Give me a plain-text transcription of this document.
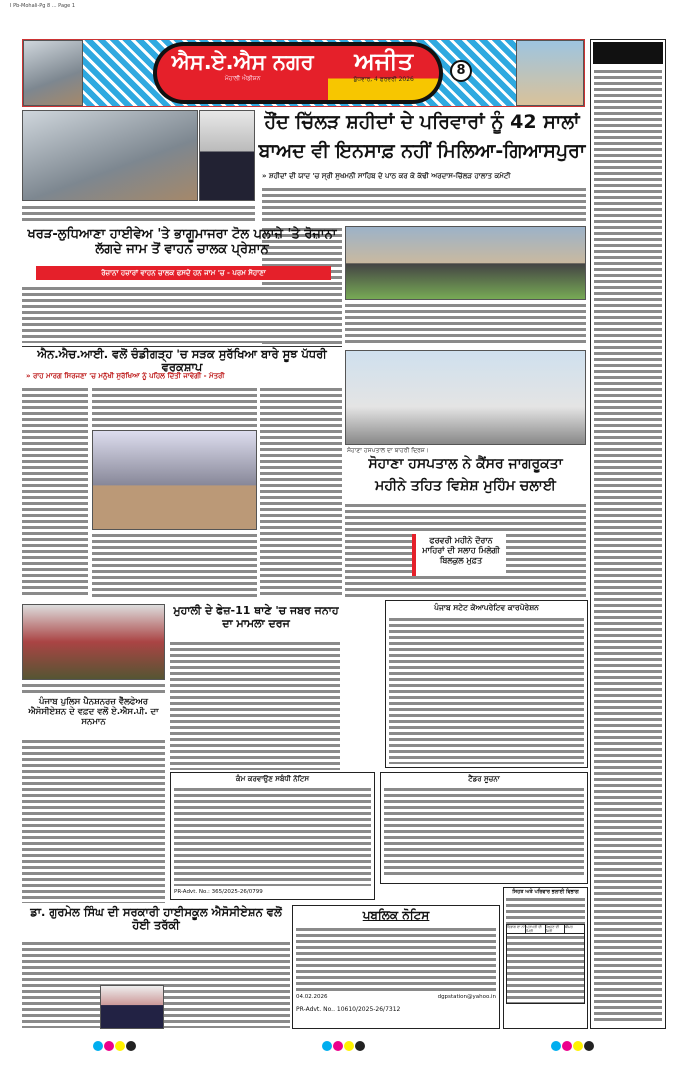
I Pb-Mohali-Pg 8 ... Page 1
ਐਸ.ਏ.ਐਸ ਨਗਰ
ਮੋਹਾਲੀ ਐਡੀਸ਼ਨ
ਅਜੀਤ
ਬੁੱਧਵਾਰ, 4 ਫਰਵਰੀ 2026
8
ਹੌਂਦ ਚਿੱਲੜ ਸ਼ਹੀਦਾਂ ਦੇ ਪਰਿਵਾਰਾਂ ਨੂੰ 42 ਸਾਲਾਂ
ਬਾਅਦ ਵੀ ਇਨਸਾਫ਼ ਨਹੀਂ ਮਿਲਿਆ-ਗਿਆਸਪੁਰਾ
» ਸ਼ਹੀਦਾਂ ਦੀ ਯਾਦ 'ਚ ਸ੍ਰੀ ਸੁਖਮਨੀ ਸਾਹਿਬ ਦੇ ਪਾਠ ਕਰ ਕੇ ਕੱਢੀ ਅਰਦਾਸ-ਚਿੱਲੜ ਹਾਲਾਤ ਕਮੇਟੀ
ਖਰੜ-ਲੁਧਿਆਣਾ ਹਾਈਵੇਅ 'ਤੇ ਭਾਗੂਮਾਜਰਾ ਟੋਲ ਪਲਾਜ਼ੇ 'ਤੇ ਰੋਜ਼ਾਨਾ ਲੱਗਦੇ ਜਾਮ ਤੋਂ ਵਾਹਨ ਚਾਲਕ ਪ੍ਰੇਸ਼ਾਨ
ਰੋਜ਼ਾਨਾ ਹਜ਼ਾਰਾਂ ਵਾਹਨ ਚਾਲਕ ਫਸਦੇ ਹਨ ਜਾਮ 'ਚ - ਪਰਮ ਸੋਹਾਣਾ
ਐਨ.ਐਚ.ਆਈ. ਵਲੋਂ ਚੰਡੀਗੜ੍ਹ 'ਚ ਸੜਕ ਸੁਰੱਖਿਆ ਬਾਰੇ ਸੂਝ ਪੱਧਰੀ ਵਰਕਸ਼ਾਪ
» ਰਾਹ ਮਾਰਗ ਸਿਰਜਣਾ 'ਚ ਮਨੁੱਖੀ ਸੁਰੱਖਿਆ ਨੂੰ ਪਹਿਲ ਦਿੱਤੀ ਜਾਵੇਗੀ - ਮੰਤਰੀ
ਸੋਹਾਣਾ ਹਸਪਤਾਲ ਦਾ ਬਾਹਰੀ ਦ੍ਰਿਸ਼।
ਸੋਹਾਣਾ ਹਸਪਤਾਲ ਨੇ ਕੈਂਸਰ ਜਾਗਰੂਕਤਾ
ਮਹੀਨੇ ਤਹਿਤ ਵਿਸ਼ੇਸ਼ ਮੁਹਿੰਮ ਚਲਾਈ
ਫਰਵਰੀ ਮਹੀਨੇ ਦੌਰਾਨ ਮਾਹਿਰਾਂ ਦੀ ਸਲਾਹ ਮਿਲੇਗੀ ਬਿਲਕੁਲ ਮੁਫ਼ਤ
ਮੁਹਾਲੀ ਦੇ ਫੇਜ਼-11 ਥਾਣੇ 'ਚ ਜਬਰ ਜਨਾਹ ਦਾ ਮਾਮਲਾ ਦਰਜ
ਪੰਜਾਬ ਪੁਲਿਸ ਪੈਨਸ਼ਨਰਜ਼ ਵੈੱਲਫੇਅਰ ਐਸੋਸੀਏਸ਼ਨ ਦੇ ਵਫ਼ਦ ਵਲੋਂ ਏ.ਐਸ.ਪੀ. ਦਾ ਸਨਮਾਨ
ਪੰਜਾਬ ਸਟੇਟ ਕੋਆਪਰੇਟਿਵ ਕਾਰਪੋਰੇਸ਼ਨ
ਕੰਮ ਕਰਵਾਉਣ ਸਬੰਧੀ ਨੋਟਿਸ
PR-Advt. No.: 365/2025-26/0799
ਟੈਂਡਰ ਸੂਚਨਾ
ਡਾ. ਗੁਰਮੇਲ ਸਿੰਘ ਦੀ ਸਰਕਾਰੀ ਹਾਈਸਕੂਲ ਐਸੋਸੀਏਸ਼ਨ ਵਲੋਂ ਹੋਈ ਤਰੱਕੀ
ਪਬਲਿਕ ਨੋਟਿਸ
04.02.2026	dgpstation@yahoo.in
PR-Advt. No.. 10610/2025-26/7312
ਸਿਹਤ ਅਤੇ ਪਰਿਵਾਰ ਭਲਾਈ ਵਿਭਾਗ
ਵਿਭਾਗ ਦਾ ਨਾਂ ਪ੍ਰਾਪਤੀ ਦੀ ਮਿਤੀ
ਖੋਲ੍ਹਣ ਦੀ ਮਿਤੀ
ਕੀਮਤ
